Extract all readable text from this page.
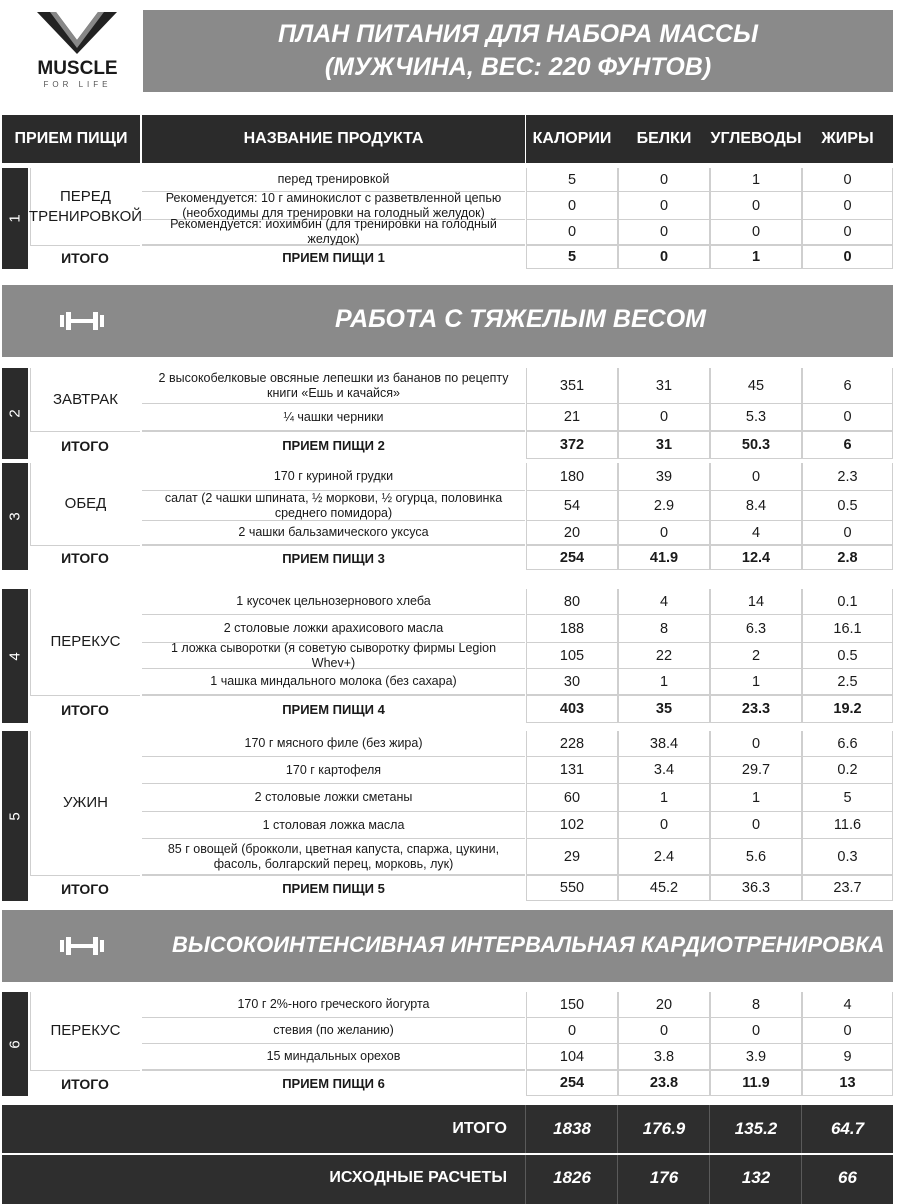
MUSCLE
FOR LIFE
ПЛАН ПИТАНИЯ ДЛЯ НАБОРА МАССЫ
(МУЖЧИНА, ВЕС: 220 ФУНТОВ)
ПРИЕМ ПИЩИ	НАЗВАНИЕ ПРОДУКТА	КАЛОРИИ	БЕЛКИ	УГЛЕВОДЫ	ЖИРЫ
1
ПЕРЕД ТРЕНИРОВКОЙ
перед тренировкой	5	0	1	0
Рекомендуется: 10 г аминокислот с разветвленной цепью (необходимы для тренировки на голодный желудок)	0	0	0	0
Рекомендуется: иохимбин (для тренировки на голодный желудок)	0	0	0	0
ИТОГО	ПРИЕМ ПИЩИ 1	5	0	1	0
2
ЗАВТРАК
2 высокобелковые овсяные лепешки из бананов по рецепту книги «Ешь и качайся»	351	31	45	6
¼ чашки черники	21	0	5.3	0
ИТОГО	ПРИЕМ ПИЩИ 2	372	31	50.3	6
3
ОБЕД
170 г куриной грудки	180	39	0	2.3
салат (2 чашки шпината, ½ моркови, ½ огурца, половинка среднего помидора)	54	2.9	8.4	0.5
2 чашки бальзамического уксуса	20	0	4	0
ИТОГО	ПРИЕМ ПИЩИ 3	254	41.9	12.4	2.8
4
ПЕРЕКУС
1 кусочек цельнозернового хлеба	80	4	14	0.1
2 столовые ложки арахисового масла	188	8	6.3	16.1
1 ложка сыворотки (я советую сыворотку фирмы Legion Whev+)	105	22	2	0.5
1 чашка миндального молока (без сахара)	30	1	1	2.5
ИТОГО	ПРИЕМ ПИЩИ 4	403	35	23.3	19.2
5
УЖИН
170 г мясного филе (без жира)	228	38.4	0	6.6
170 г картофеля	131	3.4	29.7	0.2
2 столовые ложки сметаны	60	1	1	5
1 столовая ложка масла	102	0	0	11.6
85 г овощей (брокколи, цветная капуста, спаржа, цукини, фасоль, болгарский перец, морковь, лук)	29	2.4	5.6	0.3
ИТОГО	ПРИЕМ ПИЩИ 5	550	45.2	36.3	23.7
6
ПЕРЕКУС
170 г 2%-ного греческого йогурта	150	20	8	4
стевия (по желанию)	0	0	0	0
15 миндальных орехов	104	3.8	3.9	9
ИТОГО	ПРИЕМ ПИЩИ 6	254	23.8	11.9	13
РАБОТА С ТЯЖЕЛЫМ ВЕСОМ
ВЫСОКОИНТЕНСИВНАЯ ИНТЕРВАЛЬНАЯ КАРДИОТРЕНИРОВКА
ИТОГО	1838	176.9	135.2	64.7
ИСХОДНЫЕ РАСЧЕТЫ	1826	176	132	66
